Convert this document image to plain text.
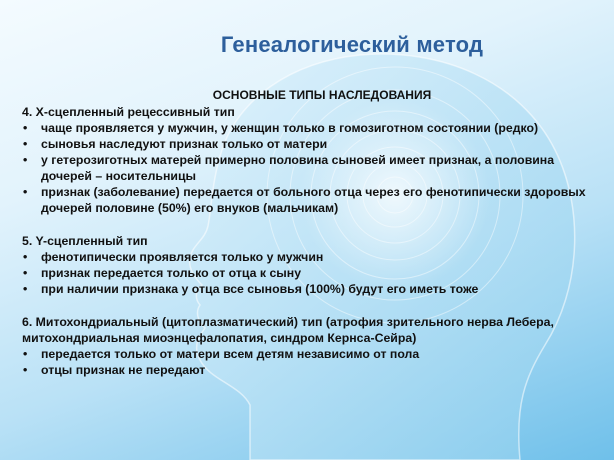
Генеалогический метод
ОСНОВНЫЕ ТИПЫ НАСЛЕДОВАНИЯ

4. Х-сцепленный рецессивный тип

• чаще проявляется у мужчин, у женщин только в гомозиготном состоянии (редко)
• сыновья наследуют признак только от матери
• у гетерозиготных матерей примерно половина сыновей имеет признак, а половина дочерей – носительницы
• признак (заболевание) передается от больного отца через его фенотипически здоровых дочерей половине (50%) его внуков (мальчикам)

5. Y-сцепленный тип

• фенотипически проявляется только у мужчин
• признак передается только от отца к сыну
• при наличии признака у отца все сыновья (100%) будут его иметь тоже

6. Митохондриальный (цитоплазматический) тип (атрофия зрительного нерва Лебера, митохондриальная миоэнцефалопатия, синдром Кернса-Сейра)

• передается только от матери всем детям независимо от пола
• отцы признак не передают
